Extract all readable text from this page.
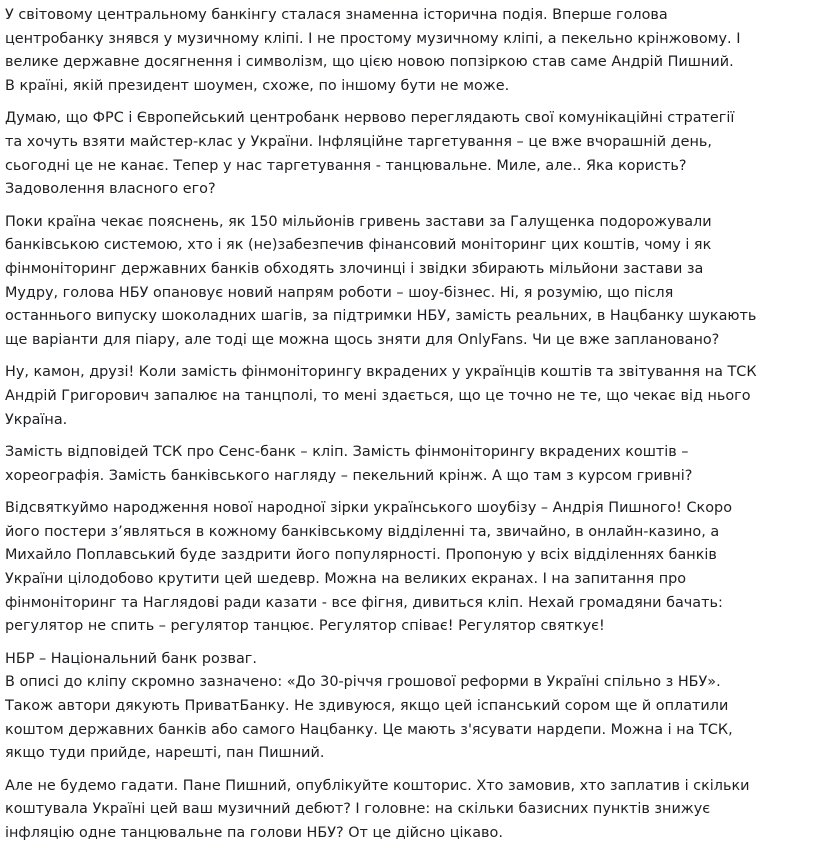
У світовому центральному банкінгу сталася знаменна історична подія. Вперше голова
центробанку знявся у музичному кліпі. І не простому музичному кліпі, а пекельно крінжовому. І
велике державне досягнення і символізм, що цією новою попзіркою став саме Андрій Пишний.
В країні, якій президент шоумен, схоже, по іншому бути не може.
Думаю, що ФРС і Європейський центробанк нервово переглядають свої комунікаційні стратегії
та хочуть взяти майстер-клас у України. Інфляційне таргетування – це вже вчорашній день,
сьогодні це не канає. Тепер у нас таргетування - танцювальне. Миле, але.. Яка користь?
Задоволення власного его?
Поки країна чекає пояснень, як 150 мільйонів гривень застави за Галущенка подорожували
банківською системою, хто і як (не)забезпечив фінансовий моніторинг цих коштів, чому і як
фінмоніторинг державних банків обходять злочинці і звідки збирають мільйони застави за
Мудру, голова НБУ опановує новий напрям роботи – шоу-бізнес. Ні, я розумію, що після
останнього випуску шоколадних шагів, за підтримки НБУ, замість реальних, в Нацбанку шукають
ще варіанти для піару, але тоді ще можна щось зняти для OnlyFans. Чи це вже заплановано?
Ну, камон, друзі! Коли замість фінмоніторингу вкрадених у українців коштів та звітування на ТСК
Андрій Григорович запалює на танцполі, то мені здається, що це точно не те, що чекає від нього
Україна.
Замість відповідей ТСК про Сенс-банк – кліп. Замість фінмоніторингу вкрадених коштів –
хореографія. Замість банківського нагляду – пекельний крінж. А що там з курсом гривні?
Відсвяткуймо народження нової народної зірки українського шоубізу – Андрія Пишного! Скоро
його постери з’являться в кожному банківському відділенні та, звичайно, в онлайн-казино, а
Михайло Поплавський буде заздрити його популярності. Пропоную у всіх відділеннях банків
України цілодобово крутити цей шедевр. Можна на великих екранах. І на запитання про
фінмоніторинг та Наглядові ради казати - все фігня, дивиться кліп. Нехай громадяни бачать:
регулятор не спить – регулятор танцює. Регулятор співає! Регулятор святкує!
НБР – Національний банк розваг.
В описі до кліпу скромно зазначено: «До 30-річчя грошової реформи в Україні спільно з НБУ».
Також автори дякують ПриватБанку. Не здивуюся, якщо цей іспанський сором ще й оплатили
коштом державних банків або самого Нацбанку. Це мають з'ясувати нардепи. Можна і на ТСК,
якщо туди прийде, нарешті, пан Пишний.
Але не будемо гадати. Пане Пишний, опублікуйте кошторис. Хто замовив, хто заплатив і скільки
коштувала Україні цей ваш музичний дебют? І головне: на скільки базисних пунктів знижує
інфляцію одне танцювальне па голови НБУ? От це дійсно цікаво.
